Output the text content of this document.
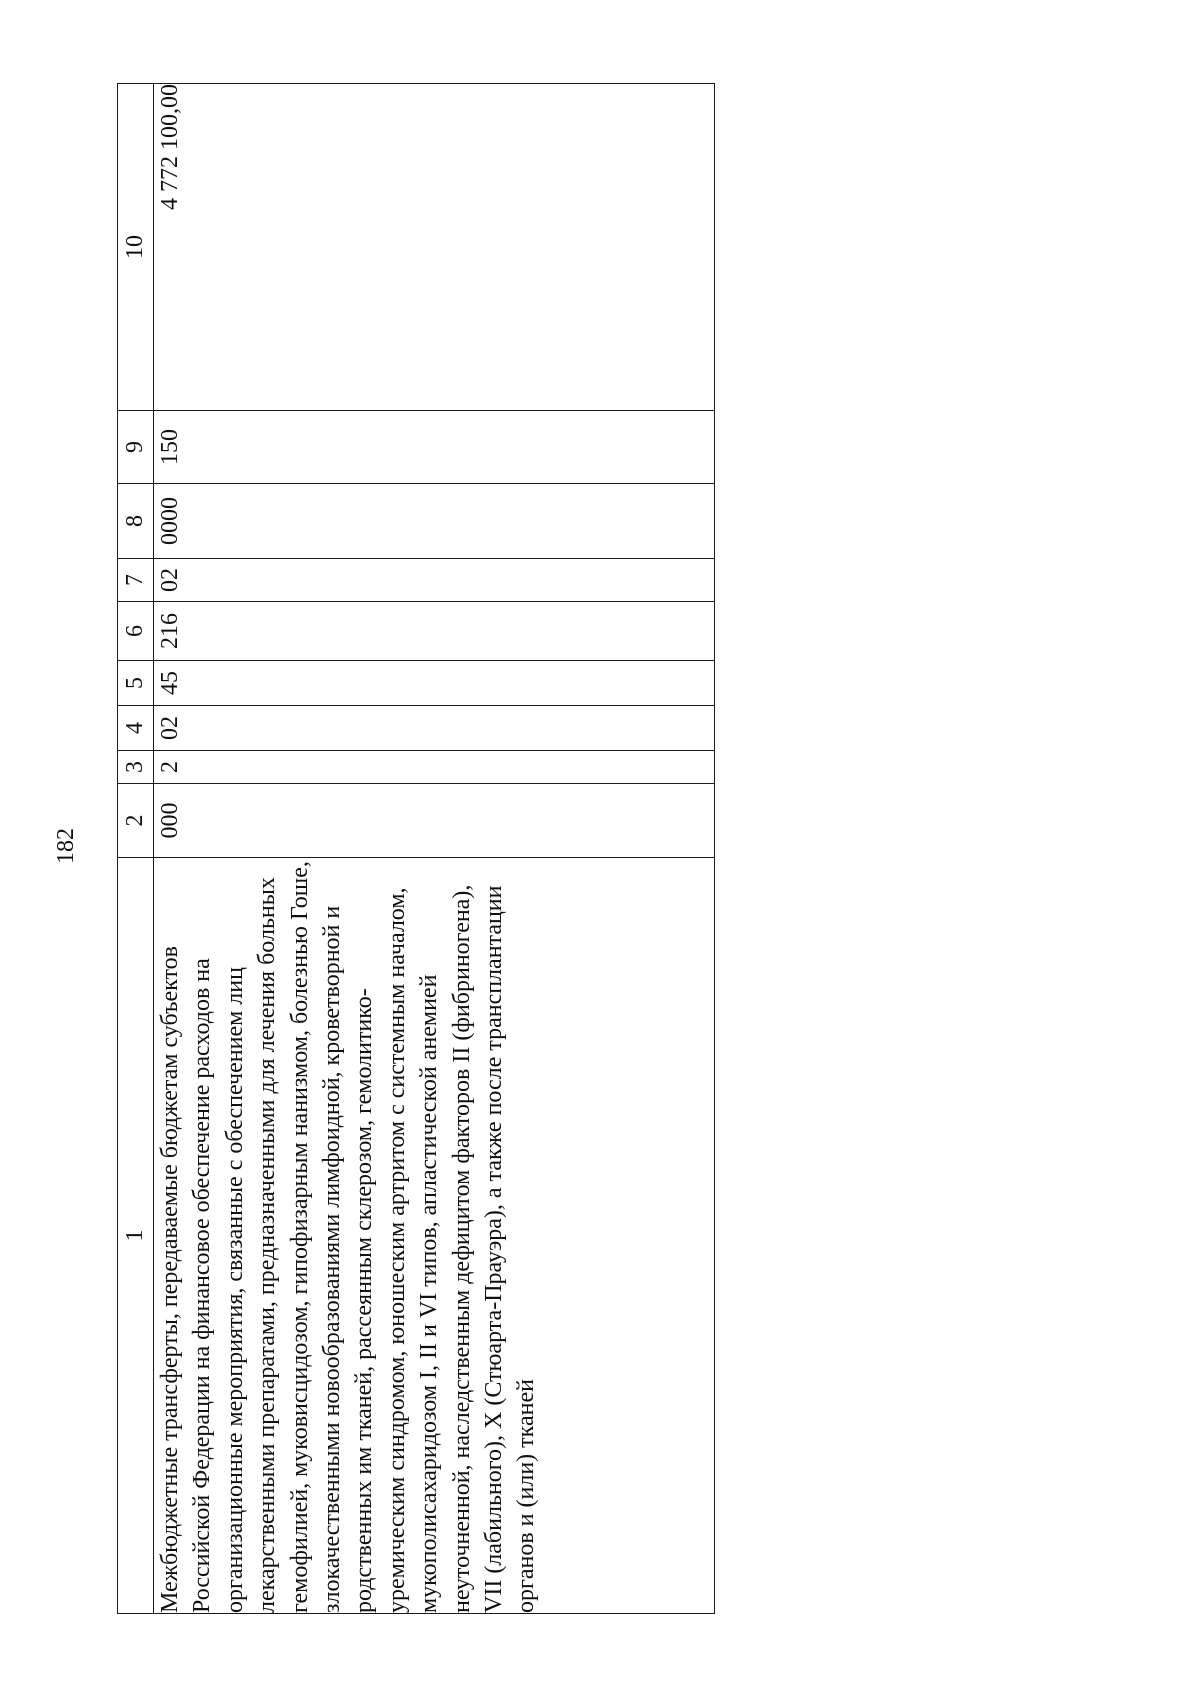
182
1	2	3	4	5	6	7	8	9	10
Межбюджетные трансферты, передаваемые бюджетам субъектов Российской Федерации на финансовое обеспечение расходов на организационные мероприятия, связанные с обеспечением лиц лекарственными препаратами, предназначенными для лечения больных гемофилией, муковисцидозом, гипофизарным нанизмом, болезнью Гоше, злокачественными новообразованиями лимфоидной, кроветворной и родственных им тканей, рассеянным склерозом, гемолитико-уремическим синдромом, юношеским артритом с системным началом, мукополисахаридозом I, II и VI типов, апластической анемией неуточненной, наследственным дефицитом факторов II (фибриногена), VII (лабильного), X (Стюарта-Прауэра), а также после трансплантации органов и (или) тканей	000	2	02	45	216	02	0000	150	4 772 100,00
